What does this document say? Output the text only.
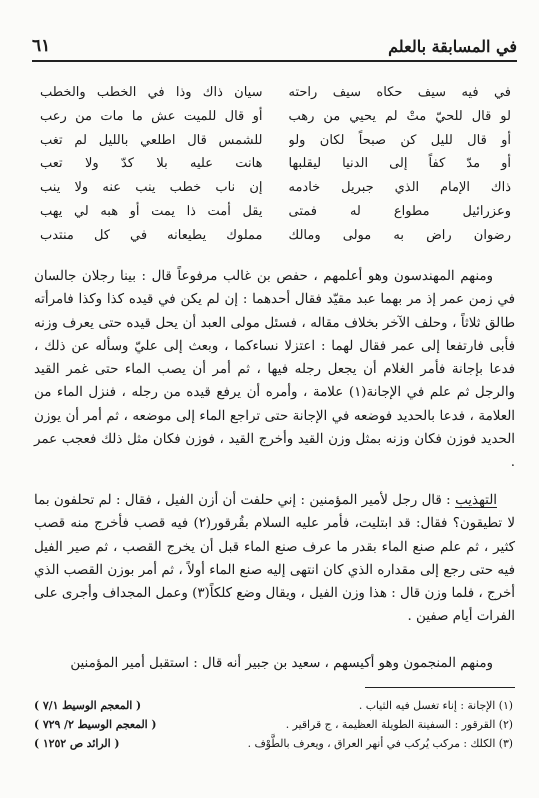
في المسابقة بالعلم
٦١
في فيه سيف حكاه سيف راحته
سيان ذاك وذا في الخطب والخطب
لو قال للحيّ متْ لم يحيي من رهب
أو قال للميت عش ما مات من رعب
أو قال لليل كن صبحاً لكان ولو
للشمس قال اطلعي بالليل لم تغب
أو مدّ كفاً إلى الدنيا ليقلبها
هانت عليه بلا كدّ ولا تعب
ذاك الإمام الذي جبريل خادمه
إن ناب خطب ينب عنه ولا ينب
وعزرائيل مطواع له فمتى
يقل أمت ذا يمت أو هبه لي يهب
رضوان راض به مولى ومالك
مملوك يطيعانه في كل منتدب

ومنهم المهندسون وهو أعلمهم ، حفص بن غالب مرفوعاً قال : بينا رجلان جالسان في زمن عمر إذ مر بهما عبد مقيّد فقال أحدهما : إن لم يكن في قيده كذا وكذا فامرأته طالق ثلاثاً ، وحلف الآخر بخلاف مقاله ، فسئل مولى العبد أن يحل قيده حتى يعرف وزنه فأبى فارتفعا إلى عمر فقال لهما : اعتزلا نساءكما ، وبعث إلى عليّ وسأله عن ذلك ، فدعا بإجانة فأمر الغلام أن يجعل رجله فيها ، ثم أمر أن يصب الماء حتى غمر القيد والرجل ثم علم في الإجانة(١) علامة ، وأمره أن يرفع قيده من رجله ، فنزل الماء من العلامة ، فدعا بالحديد فوضعه في الإجانة حتى تراجع الماء إلى موضعه ، ثم أمر أن يوزن الحديد فوزن فكان وزنه بمثل وزن القيد وأخرج القيد ، فوزن فكان مثل ذلك فعجب عمر .

التهذيب : قال رجل لأمير المؤمنين : إني حلفت أن أزن الفيل ، فقال : لم تحلفون بما لا تطيقون؟ فقال: قد ابتليت، فأمر عليه السلام بقُرقور(٢) فيه قصب فأخرج منه قصب كثير ، ثم علم صنع الماء بقدر ما عرف صنع الماء قبل أن يخرج القصب ، ثم صير الفيل فيه حتى رجع إلى مقداره الذي كان انتهى إليه صنع الماء أولاً ، ثم أمر بوزن القصب الذي أخرج ، فلما وزن قال : هذا وزن الفيل ، ويقال وضع كلكاً(٣) وعمل المجداف وأجرى على الفرات أيام صفين .

ومنهم المنجمون وهو أكيسهم ، سعيد بن جبير أنه قال : استقبل أمير المؤمنين

(١) الإجانة : إناء تغسل فيه الثياب .
( المعجم الوسيط ٧/١ )
(٢) القرقور : السفينة الطويلة العظيمة ، ج قراقير .
( المعجم الوسيط ٢/ ٧٢٩ )
(٣) الكلك : مركب يُركب في أنهر العراق ، ويعرف بالطَّوْف .
( الرائد ص ١٢٥٢ )
